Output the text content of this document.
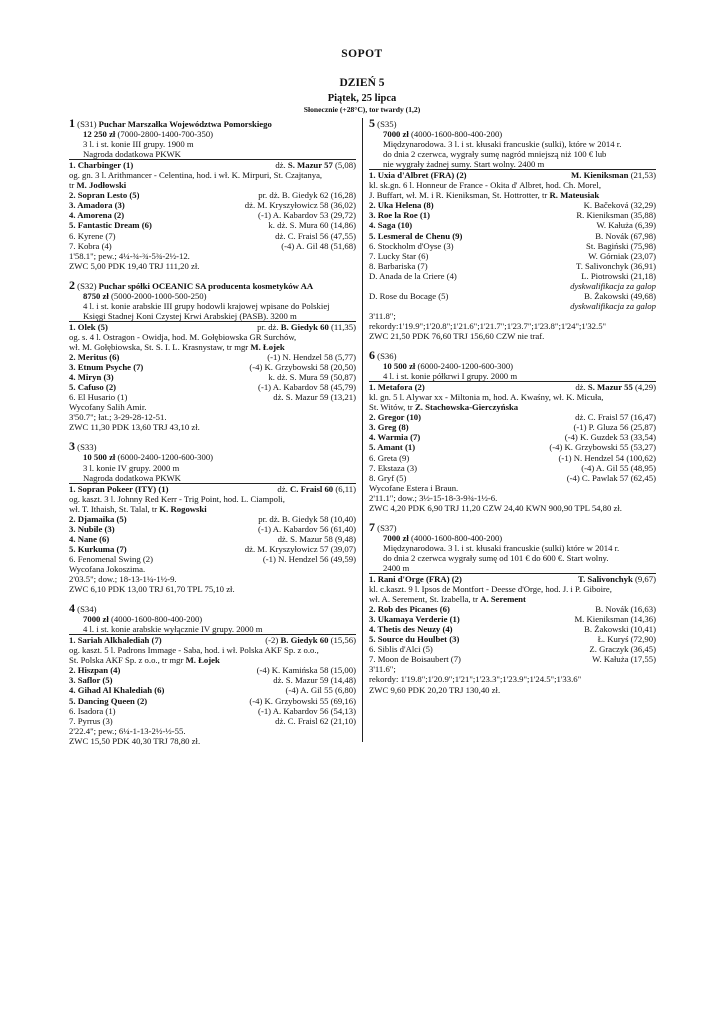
SOPOT
DZIEŃ 5
Piątek, 25 lipca
Słonecznie (+28°C), tor twardy (1,2)
1 (S31) Puchar Marszałka Województwa Pomorskiego
12 250 zł (7000-2800-1400-700-350)
3 l. i st. konie III grupy. 1900 m
Nagroda dodatkowa PKWK
1. Charbinger (1)	dż. S. Mazur 57 (5,08)
og. gn. 3 l. Arithmancer - Celentina, hod. i wł. K. Mirpuri, St. Czajtanya,
tr M. Jodłowski
2. Sopran Lesto (5)	pr. dż. B. Giedyk 62 (16,28)
3. Amadora (3)	dż. M. Kryszyłowicz 58 (36,02)
4. Amorena (2)	(-1) A. Kabardov 53 (29,72)
5. Fantastic Dream (6)	k. dż. S. Mura 60 (14,86)
6. Kyrene (7)	dż. C. Fraisl 56 (47,55)
7. Kobra (4)	(-4) A. Gil 48 (51,68)
1'58.1"; pew.; 4¼-¾-¾-5¾-2½-12.
ZWC 5,00 PDK 19,40 TRJ 111,20 zł.
2 (S32) Puchar spółki OCEANIC SA producenta kosmetyków AA
8750 zł (5000-2000-1000-500-250)
4 l. i st. konie arabskie III grupy hodowli krajowej wpisane do Polskiej
Księgi Stadnej Koni Czystej Krwi Arabskiej (PASB). 3200 m
1. Olek (5)	pr. dż. B. Giedyk 60 (11,35)
og. s. 4 l. Ostragon - Owidja, hod. M. Gołębiowska GR Surchów,
wł. M. Gołębiowska, St. S. I. L. Krasnystaw, tr mgr M. Łojek
2. Meritus (6)	(-1) N. Hendzel 58 (5,77)
3. Etnum Psyche (7)	(-4) K. Grzybowski 58 (20,50)
4. Miryn (3)	k. dż. S. Mura 59 (50,87)
5. Cafuso (2)	(-1) A. Kabardov 58 (45,79)
6. El Husario (1)	dż. S. Mazur 59 (13,21)
Wycofany Salih Amir.
3'50.7"; łat.; 3-29-28-12-51.
ZWC 11,30 PDK 13,60 TRJ 43,10 zł.
3 (S33)
10 500 zł (6000-2400-1200-600-300)
3 l. konie IV grupy. 2000 m
Nagroda dodatkowa PKWK
1. Sopran Pokeer (ITY) (1)	dż. C. Fraisl 60 (6,11)
og. kaszt. 3 l. Johnny Red Kerr - Trig Point, hod. L. Ciampoli,
wł. T. Ithaish, St. Talal, tr K. Rogowski
2. Djamaika (5)	pr. dż. B. Giedyk 58 (10,40)
3. Nubile (3)	(-1) A. Kabardov 56 (61,40)
4. Nane (6)	dż. S. Mazur 58 (9,48)
5. Kurkuma (7)	dż. M. Kryszyłowicz 57 (39,07)
6. Fenomenal Swing (2)	(-1) N. Hendzel 56 (49,59)
Wycofana Jokoszima.
2'03.5"; dow.; 18-13-1¼-1½-9.
ZWC 6,10 PDK 13,00 TRJ 61,70 TPL 75,10 zł.
4 (S34)
7000 zł (4000-1600-800-400-200)
4 l. i st. konie arabskie wyłącznie IV grupy. 2000 m
1. Sariah Alkhalediah (7)	(-2) B. Giedyk 60 (15,56)
og. kaszt. 5 l. Padrons Immage - Saba, hod. i wł. Polska AKF Sp. z o.o.,
St. Polska AKF Sp. z o.o., tr mgr M. Łojek
2. Hiszpan (4)	(-4) K. Kamińska 58 (15,00)
3. Saflor (5)	dż. S. Mazur 59 (14,48)
4. Gihad Al Khalediah (6)	(-4) A. Gil 55 (6,80)
5. Dancing Queen (2)	(-4) K. Grzybowski 55 (69,16)
6. Isadora (1)	(-1) A. Kabardov 56 (54,13)
7. Pyrrus (3)	dż. C. Fraisl 62 (21,10)
2'22.4"; pew.; 6¼-1-13-2½-½-55.
ZWC 15,50 PDK 40,30 TRJ 78,80 zł.
5 (S35)
7000 zł (4000-1600-800-400-200)
Międzynarodowa. 3 l. i st. kłusaki francuskie (sulki), które w 2014 r.
do dnia 2 czerwca, wygrały sumę nagród mniejszą niż 100 € lub
nie wygrały żadnej sumy. Start wolny. 2400 m
1. Uxia d'Albret (FRA) (2)	M. Kieniksman (21,53)
kl. sk.gn. 6 l. Honneur de France - Okita d' Albret, hod. Ch. Morel,
J. Buffart, wł. M. i R. Kieniksman, St. Hottrotter, tr R. Mateusiak
2. Uka Helena (8)	K. Bačeková (32,29)
3. Roe la Roe (1)	R. Kieniksman (35,88)
4. Saga (10)	W. Kałuża (6,39)
5. Lesmeral de Chenu (9)	B. Novák (67,98)
6. Stockholm d'Oyse (3)	St. Bagiński (75,98)
7. Lucky Star (6)	W. Górniak (23,07)
8. Barbariska (7)	T. Salivonchyk (36,91)
D. Anada de la Criere (4)	L. Piotrowski (21,18)
dyskwalifikacja za galop
D. Rose du Bocage (5)	B. Żakowski (49,68)
dyskwalifikacja za galop
3'11.8";
rekordy:1'19.9";1'20.8";1'21.6";1'21.7";1'23.7";1'23.8";1'24";1'32.5"
ZWC 21,50 PDK 76,60 TRJ 156,60 CZW nie traf.
6 (S36)
10 500 zł (6000-2400-1200-600-300)
4 l. i st. konie półkrwi I grupy. 2000 m
1. Metafora (2)	dż. S. Mazur 55 (4,29)
kl. gn. 5 l. Alywar xx - Miltonia m, hod. A. Kwaśny, wł. K. Micuła,
St. Witów, tr Z. Stachowska-Gierczyńska
2. Gregor (10)	dż. C. Fraisl 57 (16,47)
3. Greg (8)	(-1) P. Gluza 56 (25,87)
4. Warmia (7)	(-4) K. Guzdek 53 (33,54)
5. Amant (1)	(-4) K. Grzybowski 55 (53,27)
6. Greta (9)	(-1) N. Hendzel 54 (100,62)
7. Ekstaza (3)	(-4) A. Gil 55 (48,95)
8. Gryf (5)	(-4) C. Pawlak 57 (62,45)
Wycofane Estera i Braun.
2'11.1"; dow.; 3½-15-18-3-9¾-1½-6.
ZWC 4,20 PDK 6,90 TRJ 11,20 CZW 24,40 KWN 900,90 TPL 54,80 zł.
7 (S37)
7000 zł (4000-1600-800-400-200)
Międzynarodowa. 3 l. i st. kłusaki francuskie (sulki) które w 2014 r.
do dnia 2 czerwca wygrały sumę od 101 € do 600 €. Start wolny.
2400 m
1. Rani d'Orge (FRA) (2)	T. Salivonchyk (9,67)
kl. c.kaszt. 9 l. Ipsos de Montfort - Deesse d'Orge, hod. J. i P. Giboire,
wł. A. Serement, St. Izabella, tr A. Serement
2. Rob des Picanes (6)	B. Novák (16,63)
3. Ukamaya Verderie (1)	M. Kieniksman (14,36)
4. Thetis des Neuzy (4)	B. Żakowski (10,41)
5. Source du Houlbet (3)	Ł. Kuryś (72,90)
6. Siblis d'Alci (5)	Z. Graczyk (36,45)
7. Moon de Boisaubert (7)	W. Kałuża (17,55)
3'11.6";
rekordy: 1'19.8";1'20.9";1'21";1'23.3";1'23.9";1'24.5";1'33.6"
ZWC 9,60 PDK 20,20 TRJ 130,40 zł.
